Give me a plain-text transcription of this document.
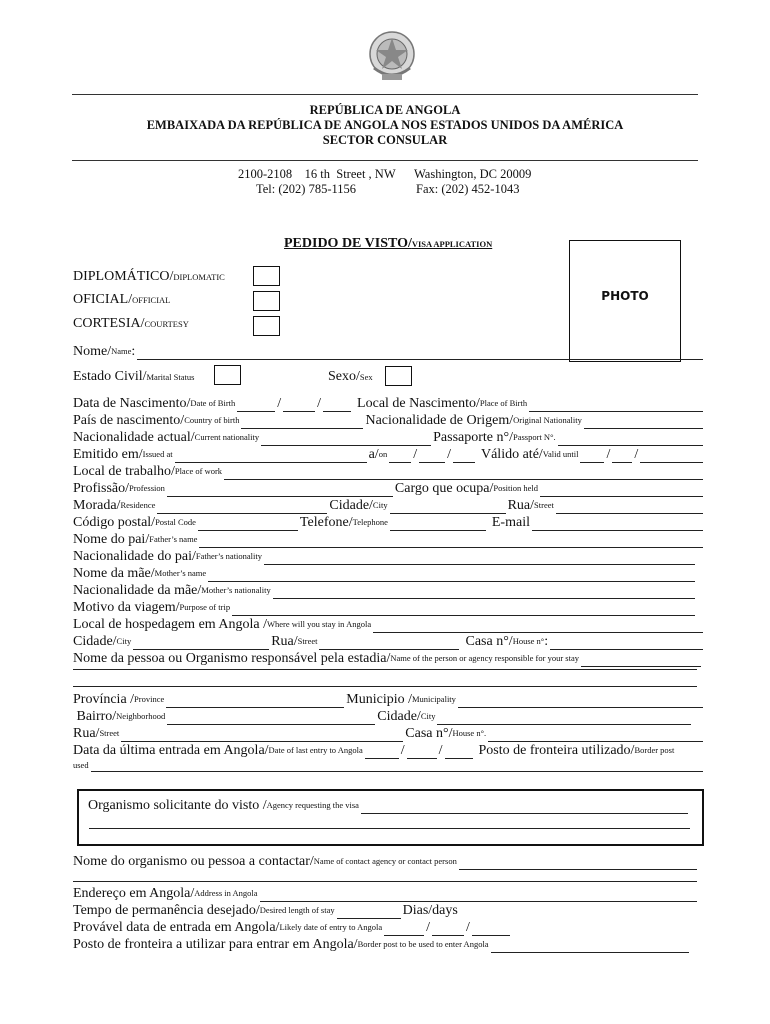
REPÚBLICA DE ANGOLA
EMBAIXADA DA REPÚBLICA DE ANGOLA NOS ESTADOS UNIDOS DA AMÉRICA
SECTOR CONSULAR
2100-2108    16 th  Street , NW Washington, DC 20009
Tel: (202) 785-1156	Fax: (202) 452-1043
PEDIDO DE VISTO/VISA APPLICATION
PHOTO
DIPLOMÁTICO/DIPLOMATIC
OFICIAL/OFFICIAL
CORTESIA/COURTESY
Nome/ Name :
Estado Civil/Marital Status	Sexo/Sex
Data de Nascimento/ Date of Birth	/	/	Local de Nascimento/ Place of Birth
País de nascimento/ Country of birth	Nacionalidade de Origem/ Original Nationality
Nacionalidade actual/ Current nationality	Passaporte n°/ Passport N°.
Emitido em/ Issued at	a/ on / / Válido até/ Valid until / /
Local de trabalho/ Place of work
Profissão/ Profession	Cargo que ocupa/ Position held
Morada/ Residence	Cidade/ City	Rua/ Street
Código postal/ Postal Code	Telefone/ Telephone	E-mail
Nome do pai/ Father’s name
Nacionalidade do pai/ Father’s nationality
Nome da mãe/ Mother’s name
Nacionalidade da mãe/ Mother’s nationality
Motivo da viagem/ Purpose of trip
Local de hospedagem em Angola / Where will you stay in Angola
Cidade/ City	Rua/ Street	Casa n°/ House n° :
Nome da pessoa ou Organismo responsável pela estadia/ Name of the person or agency responsible for your stay
Província / Province	Municipio / Municipality
Bairro/ Neighborhood	Cidade/ City
Rua/ Street	Casa n°/ House n°.
Data da última entrada em Angola/ Date of last entry to Angola	/ /	Posto de fronteira utilizado/ Border post
used
Organismo solicitante do visto / Agency requesting the visa
Nome do organismo ou pessoa a contactar/ Name of contact agency or contact person
Endereço em Angola/ Address in Angola
Tempo de permanência desejado/ Desired length of stay	Dias/days
Provável data de entrada em Angola/ Likely date of entry to Angola	/	/
Posto de fronteira a utilizar para entrar em Angola/ Border post to be used to enter Angola
